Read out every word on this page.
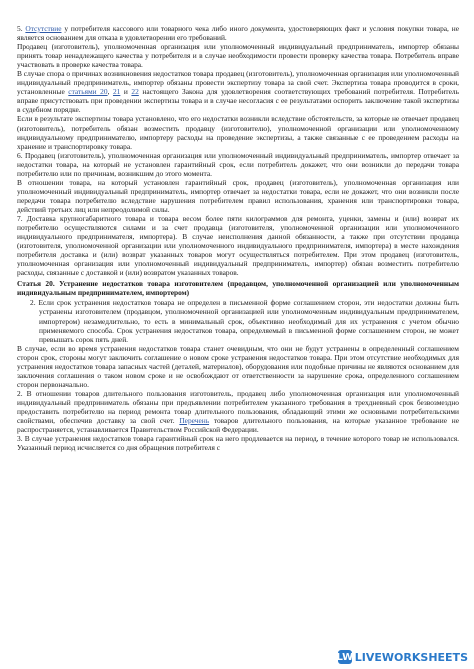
5. Отсутствие у потребителя кассового или товарного чека либо иного документа, удостоверяющих факт и условия покупки товара, не является основанием для отказа в удовлетворении его требований.

Продавец (изготовитель), уполномоченная организация или уполномоченный индивидуальный предприниматель, импортер обязаны принять товар ненадлежащего качества у потребителя и в случае необходимости провести проверку качества товара. Потребитель вправе участвовать в проверке качества товара.

В случае спора о причинах возникновения недостатков товара продавец (изготовитель), уполномоченная организация или уполномоченный индивидуальный предприниматель, импортер обязаны провести экспертизу товара за свой счет. Экспертиза товара проводится в сроки, установленные статьями 20, 21 и 22 настоящего Закона для удовлетворения соответствующих требований потребителя. Потребитель вправе присутствовать при проведении экспертизы товара и в случае несогласия с ее результатами оспорить заключение такой экспертизы в судебном порядке.

Если в результате экспертизы товара установлено, что его недостатки возникли вследствие обстоятельств, за которые не отвечает продавец (изготовитель), потребитель обязан возместить продавцу (изготовителю), уполномоченной организации или уполномоченному индивидуальному предпринимателю, импортеру расходы на проведение экспертизы, а также связанные с ее проведением расходы на хранение и транспортировку товара.

6. Продавец (изготовитель), уполномоченная организация или уполномоченный индивидуальный предприниматель, импортер отвечает за недостатки товара, на который не установлен гарантийный срок, если потребитель докажет, что они возникли до передачи товара потребителю или по причинам, возникшим до этого момента.

В отношении товара, на который установлен гарантийный срок, продавец (изготовитель), уполномоченная организация или уполномоченный индивидуальный предприниматель, импортер отвечает за недостатки товара, если не докажет, что они возникли после передачи товара потребителю вследствие нарушения потребителем правил использования, хранения или транспортировки товара, действий третьих лиц или непреодолимой силы.

7. Доставка крупногабаритного товара и товара весом более пяти килограммов для ремонта, уценки, замены и (или) возврат их потребителю осуществляются силами и за счет продавца (изготовителя, уполномоченной организации или уполномоченного индивидуального предпринимателя, импортера). В случае неисполнения данной обязанности, а также при отсутствии продавца (изготовителя, уполномоченной организации или уполномоченного индивидуального предпринимателя, импортера) в месте нахождения потребителя доставка и (или) возврат указанных товаров могут осуществляться потребителем. При этом продавец (изготовитель, уполномоченная организация или уполномоченный индивидуальный предприниматель, импортер) обязан возместить потребителю расходы, связанные с доставкой и (или) возвратом указанных товаров.

Статья 20. Устранение недостатков товара изготовителем (продавцом, уполномоченной организацией или уполномоченным индивидуальным предпринимателем, импортером)

2. Если срок устранения недостатков товара не определен в письменной форме соглашением сторон, эти недостатки должны быть устранены изготовителем (продавцом, уполномоченной организацией или уполномоченным индивидуальным предпринимателем, импортером) незамедлительно, то есть в минимальный срок, объективно необходимый для их устранения с учетом обычно применяемого способа. Срок устранения недостатков товара, определяемый в письменной форме соглашением сторон, не может превышать сорок пять дней.

В случае, если во время устранения недостатков товара станет очевидным, что они не будут устранены в определенный соглашением сторон срок, стороны могут заключить соглашение о новом сроке устранения недостатков товара. При этом отсутствие необходимых для устранения недостатков товара запасных частей (деталей, материалов), оборудования или подобные причины не являются основанием для заключения соглашения о таком новом сроке и не освобождают от ответственности за нарушение срока, определенного соглашением сторон первоначально.

2. В отношении товаров длительного пользования изготовитель, продавец либо уполномоченная организация или уполномоченный индивидуальный предприниматель обязаны при предъявлении потребителем указанного требования в трехдневный срок безвозмездно предоставить потребителю на период ремонта товар длительного пользования, обладающий этими же основными потребительскими свойствами, обеспечив доставку за свой счет. Перечень товаров длительного пользования, на которые указанное требование не распространяется, устанавливается Правительством Российской Федерации.

3. В случае устранения недостатков товара гарантийный срок на него продлевается на период, в течение которого товар не использовался. Указанный период исчисляется со дня обращения потребителя с

LW LIVEWORKSHEETS
